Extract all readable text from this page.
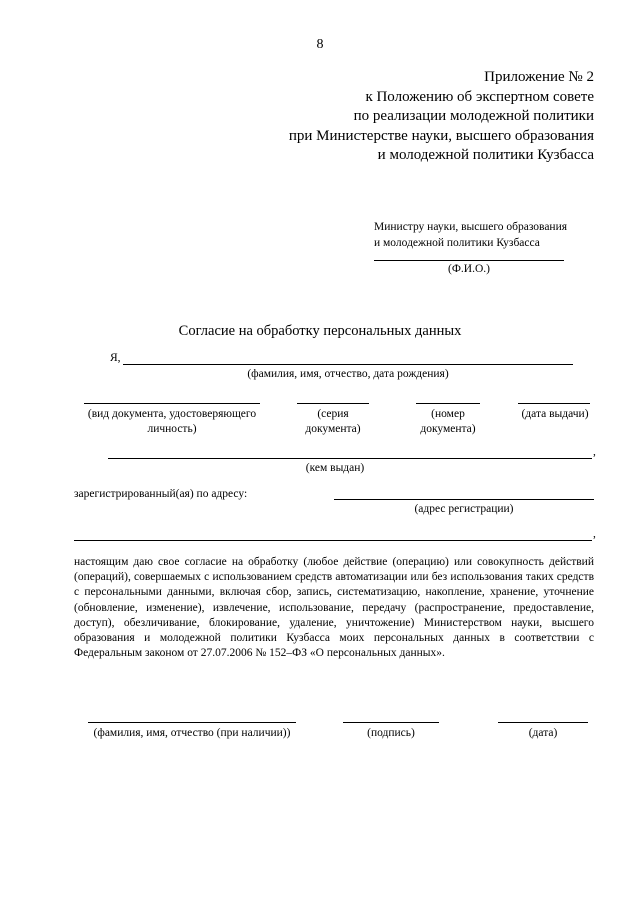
8
Приложение № 2
к Положению об экспертном совете
по реализации молодежной политики
при Министерстве науки, высшего образования
и молодежной политики Кузбасса
Министру науки, высшего образования
и молодежной политики Кузбасса
(Ф.И.О.)
Согласие на обработку персональных данных
Я,
(фамилия, имя, отчество, дата рождения)
(вид документа, удостоверяющего
личность)
(серия
документа)
(номер
документа)
(дата выдачи)
,
(кем выдан)
зарегистрированный(ая) по адресу:
(адрес регистрации)
,
настоящим даю свое согласие на обработку (любое действие (операцию) или совокупность действий (операций), совершаемых с использованием средств автоматизации или без использования таких средств с персональными данными, включая сбор, запись, систематизацию, накопление, хранение, уточнение (обновление, изменение), извлечение, использование, передачу (распространение, предоставление, доступ), обезличивание, блокирование, удаление, уничтожение) Министерством науки, высшего образования и молодежной политики Кузбасса моих персональных данных в соответствии с Федеральным законом от 27.07.2006 № 152–ФЗ «О персональных данных».
(фамилия, имя, отчество (при наличии))	(подпись)	(дата)
